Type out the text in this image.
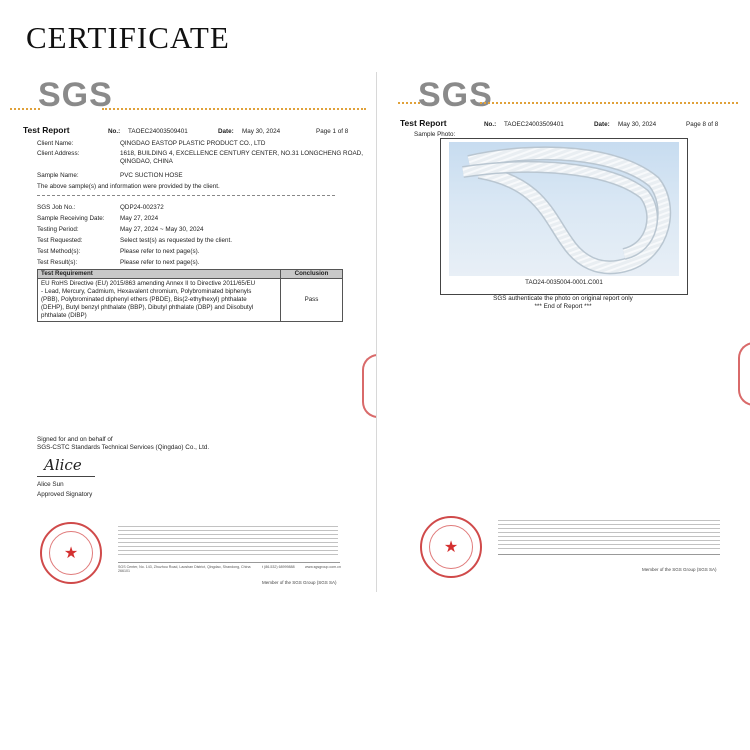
CERTIFICATE
SGS
Test Report	No.: TAOEC24003509401	Date: May 30, 2024	Page 1 of 8
Client Name:	QINGDAO EASTOP PLASTIC PRODUCT CO., LTD
Client Address:	1618, BUILDING 4, EXCELLENCE CENTURY CENTER, NO.31 LONGCHENG ROAD,
QINGDAO, CHINA
Sample Name:	PVC SUCTION HOSE
The above sample(s) and information were provided by the client.
SGS Job No.:	QDP24-002372
Sample Receiving Date: May 27, 2024
Testing Period:	May 27, 2024 ~ May 30, 2024
Test Requested:	Select test(s) as requested by the client.
Test Method(s):	Please refer to next page(s).
Test Result(s):	Please refer to next page(s).
Test Requirement	Conclusion

EU RoHS Directive (EU) 2015/863 amending Annex II to Directive 2011/65/EU
- Lead, Mercury, Cadmium, Hexavalent chromium, Polybrominated biphenyls
(PBB), Polybrominated diphenyl ethers (PBDE), Bis(2-ethylhexyl) phthalate
(DEHP), Butyl benzyl phthalate (BBP), Dibutyl phthalate (DBP) and Diisobutyl
phthalate (DIBP)	Pass
Signed for and on behalf of
SGS-CSTC Standards Technical Services (Qingdao) Co., Ltd.
Alice
Alice Sun
Approved Signatory
★
SGS Center, No. 143, Zhuzhou Road, Laoshan District, Qingdao, Shandong, China 266101
t (86-532) 68999888	www.sgsgroup.com.cn
Member of the SGS Group (SGS SA)
SGS
Test Report	No.: TAOEC24003509401	Date: May 30, 2024	Page 8 of 8
Sample Photo:
TAO24-0035004-0001.C001
SGS authenticate the photo on original report only
*** End of Report ***
★
Member of the SGS Group (SGS SA)
